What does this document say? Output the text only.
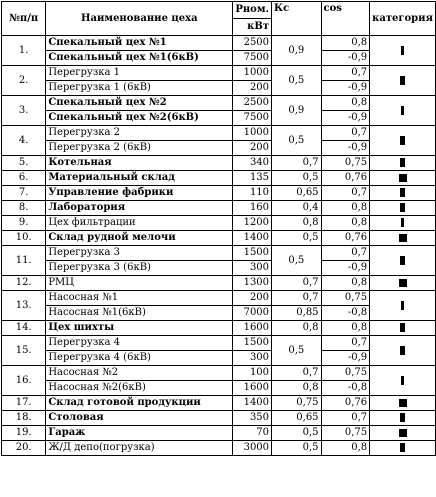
№п/п	Наименование цеха	Рном.	Кс	cos	категория
		кВт			
1.	Спекальный цех №1	2500	0,9	0,8	
	Спекальный цех №1(6кВ)	7500		-0,9	
2.	Перегрузка 1	1000	0,5	0,7	
	Перегрузка 1 (6кВ)	200		-0,9	
3.	Спекальный цех №2	2500	0,9	0,8	
	Спекальный цех №2(6кВ)	7500		-0,9	
4.	Перегрузка 2	1000	0,5	0,7	
	Перегрузка 2 (6кВ)	200		-0,9	
5.	Котельная	340	0,7	0,75	
6.	Материальный склад	135	0,5	0,76	
7.	Управление фабрики	110	0,65	0,7	
8.	Лаборатория	160	0,4	0,8	
9.	Цех фильтрации	1200	0,8	0,8	
10.	Склад рудной мелочи	1400	0,5	0,76	
11.	Перегрузка 3	1500	0,5	0,7	
	Перегрузка 3 (6кВ)	300		-0,9	
12.	РМЦ	1300	0,7	0,8	
13.	Насосная №1	200	0,7	0,75	
	Насосная №1(6кВ)	7000	0,85	-0,8	
14.	Цех шихты	1600	0,8	0,8	
15.	Перегрузка 4	1500	0,5	0,7	
	Перегрузка 4 (6кВ)	300		-0,9	
16.	Насосная №2	100	0,7	0,75	
	Насосная №2(6кВ)	1600	0,8	-0,8	
17.	Склад готовой продукции	1400	0,75	0,76	
18.	Столовая	350	0,65	0,7	
19.	Гараж	70	0,5	0,75	
20.	Ж/Д депо(погрузка)	3000	0,5	0,8	
